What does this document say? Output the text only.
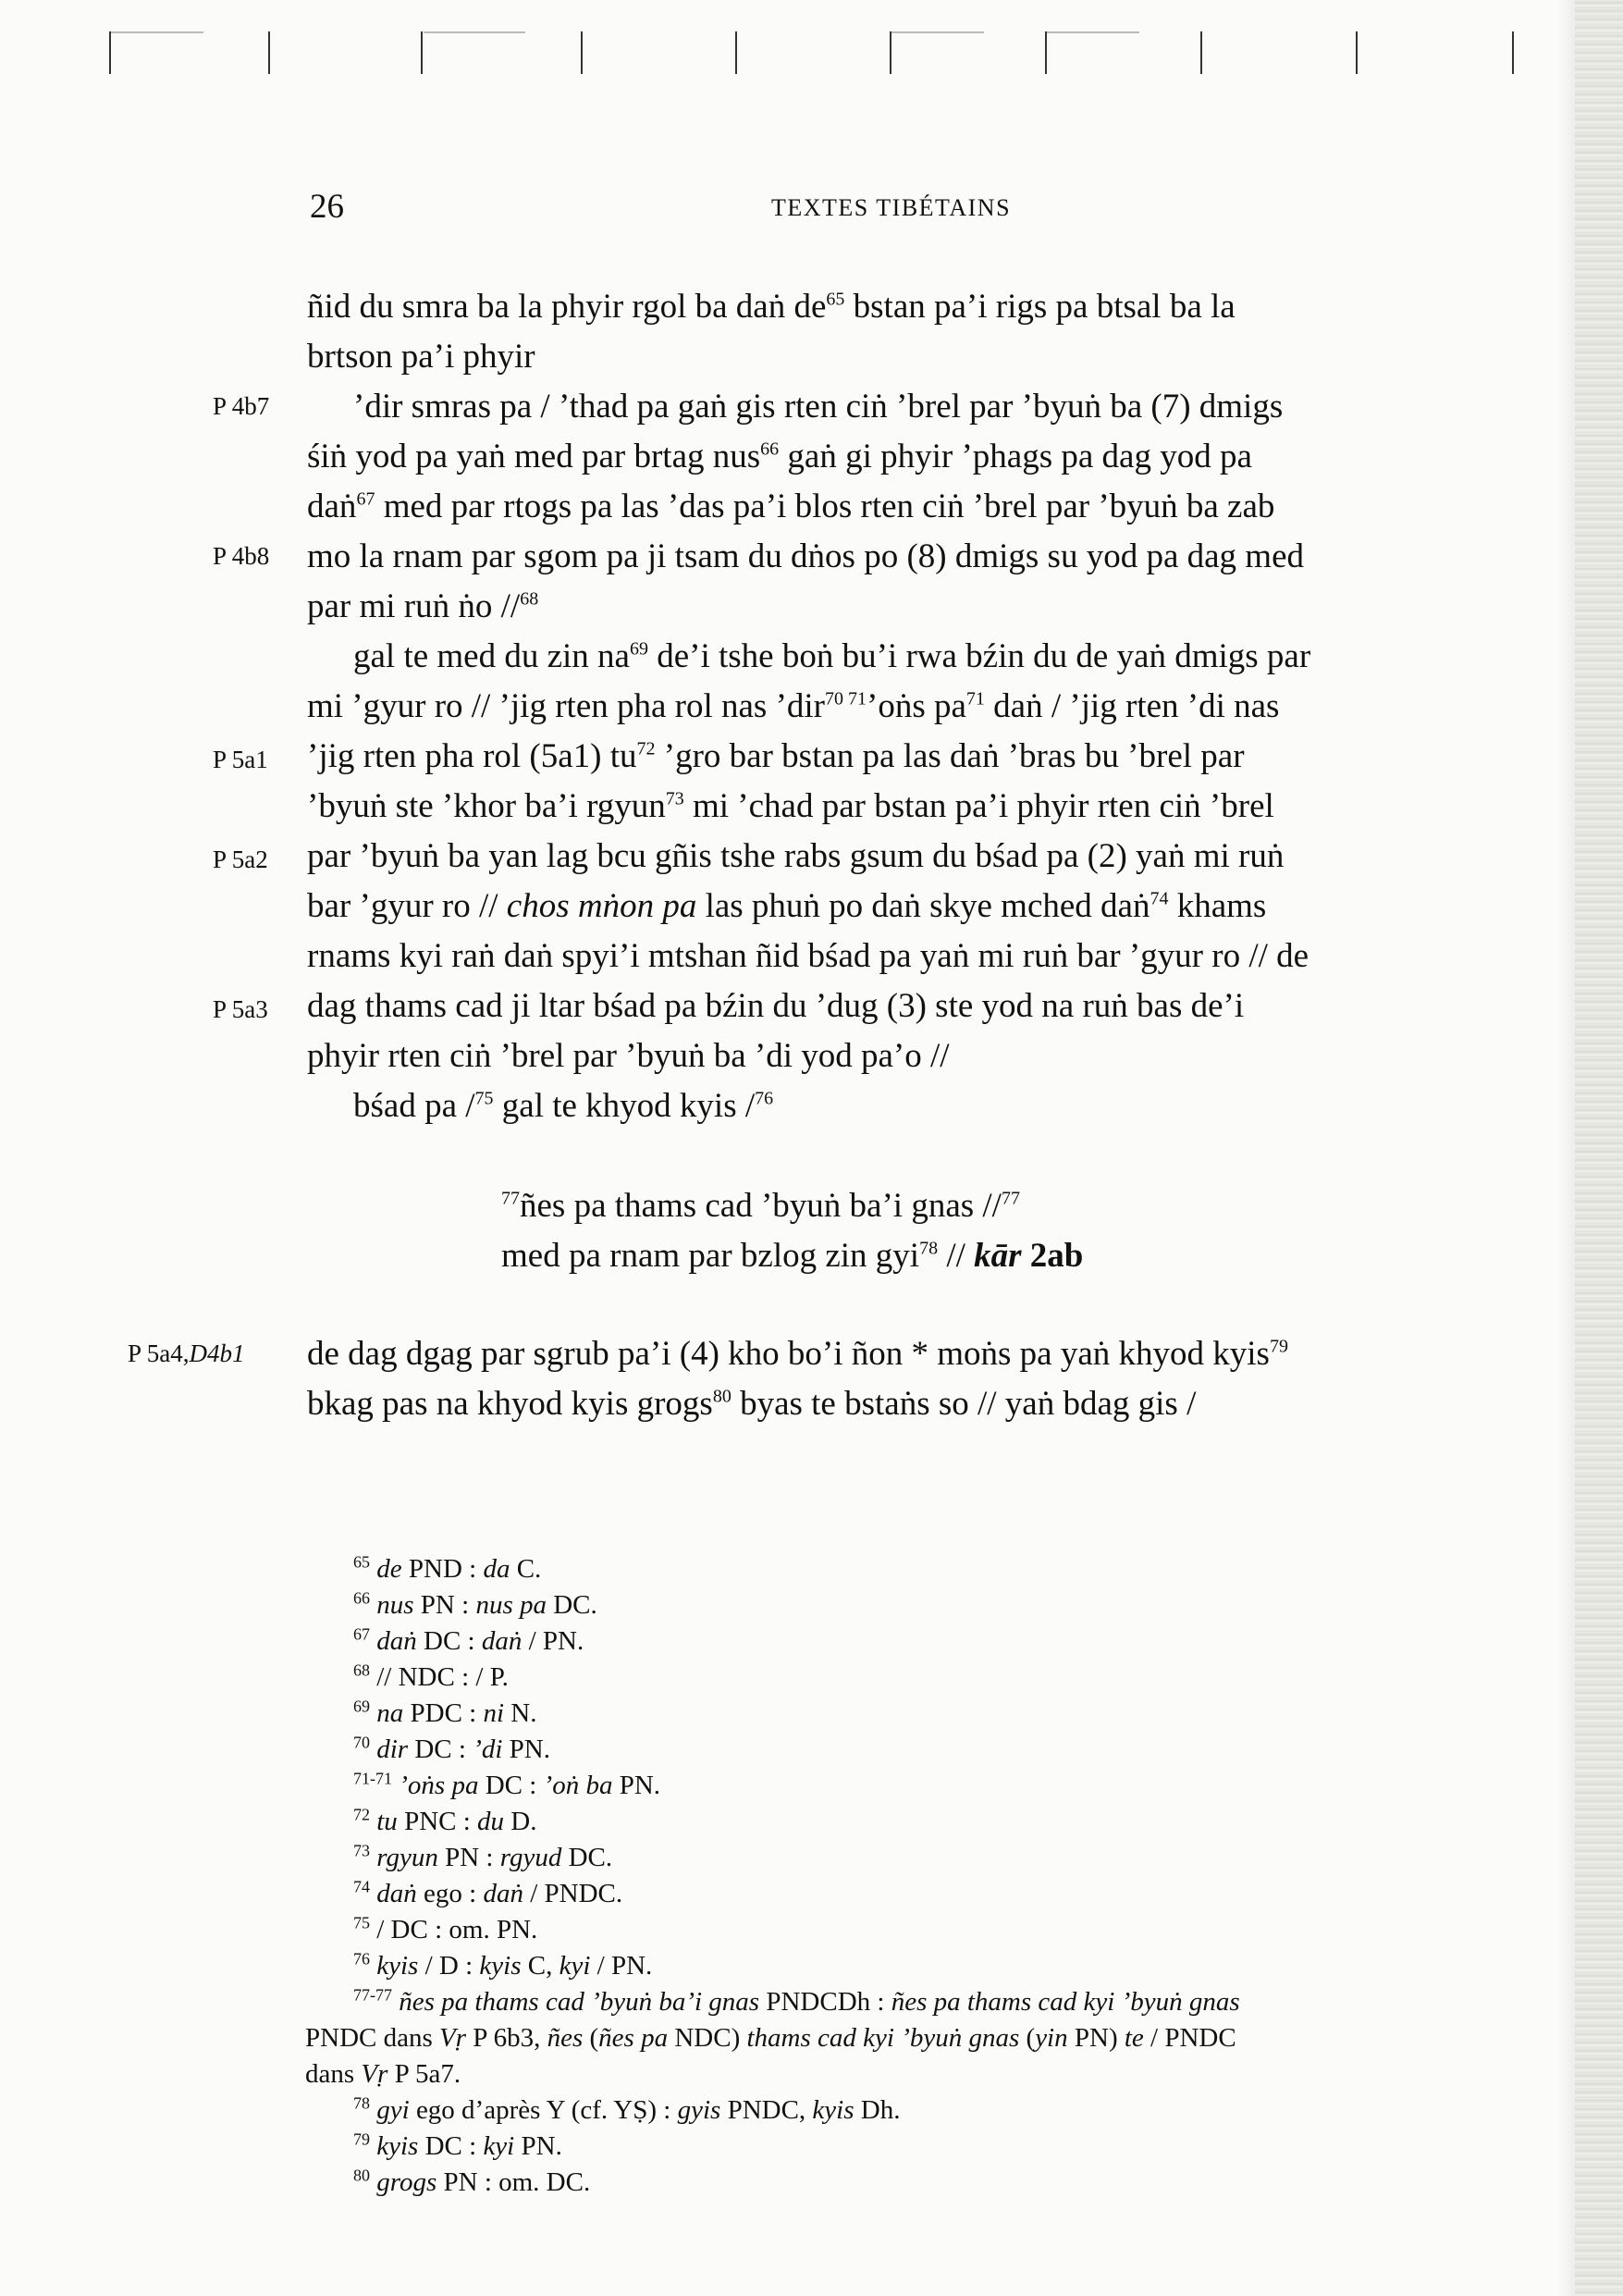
26	TEXTES TIBÉTAINS
P 4b7
P 4b8
P 5a1
P 5a2
P 5a3
P 5a4,D4b1
ñid du smra ba la phyir rgol ba daṅ $de^{65}$ bstan pa’i rigs pa btsal ba la
brtson pa’i phyir
’dir smras pa / ’thad pa gaṅ gis rten ciṅ ’brel par ’byuṅ ba (7) dmigs
śiṅ yod pa yaṅ med par brtag nus$^{66}$ gaṅ gi phyir ’phags pa dag yod pa
daṅ$^{67}$ med par rtogs pa las ’das pa’i blos rten ciṅ ’brel par ’byuṅ ba zab
mo la rnam par sgom pa ji tsam du dṅos po (8) dmigs su yod pa dag med
par mi ruṅ ṅo //$^{68}$
gal te med du zin $na^{69}$ de’i tshe boṅ bu’i rwa bźin du de yaṅ dmigs par
mi ’gyur ro // ’jig rten pha rol nas ’dir$^{70}$ $^{71}$’oṅs $pa^{71}$ daṅ / ’jig rten ’di nas
’jig rten pha rol (5a1) $tu^{72}$ ’gro bar bstan pa las daṅ ’bras bu ’brel par
’byuṅ ste ’khor ba’i rgyun$^{73}$ mi ’chad par bstan pa’i phyir rten ciṅ ’brel
par ’byuṅ ba yan lag bcu gñis tshe rabs gsum du bśad pa (2) yaṅ mi ruṅ
bar ’gyur ro // chos mṅon pa las phuṅ po daṅ skye mched daṅ$^{74}$ khams
rnams kyi raṅ daṅ spyi’i mtshan ñid bśad pa yaṅ mi ruṅ bar ’gyur ro // de
dag thams cad ji ltar bśad pa bźin du ’dug (3) ste yod na ruṅ bas de’i
phyir rten ciṅ ’brel par ’byuṅ ba ’di yod pa’o //
bśad pa /$^{75}$ gal te khyod kyis /$^{76}$
$^{77}$ñes pa thams cad ’byuṅ ba’i gnas //$^{77}$
med pa rnam par bzlog zin gyi$^{78}$ // kār 2ab
de dag dgag par sgrub pa’i (4) kho bo’i ñon * moṅs pa yaṅ khyod kyis$^{79}$
bkag pas na khyod kyis grogs$^{80}$ byas te bstaṅs so // yaṅ bdag gis /
$^{65}$ de PND : da C.
$^{66}$ nus PN : nus pa DC.
$^{67}$ daṅ DC : daṅ / PN.
$^{68}$ // NDC : / P.
$^{69}$ na PDC : ni N.
$^{70}$ dir DC : ’di PN.
$^{71-71}$ ’oṅs pa DC : ’oṅ ba PN.
$^{72}$ tu PNC : du D.
$^{73}$ rgyun PN : rgyud DC.
$^{74}$ daṅ ego : daṅ / PNDC.
$^{75}$ / DC : om. PN.
$^{76}$ kyis / D : kyis C, kyi / PN.
$^{77-77}$ ñes pa thams cad ’byuṅ ba’i gnas PNDCDh : ñes pa thams cad kyi ’byuṅ gnas
PNDC dans Vṛ P 6b3, ñes (ñes pa NDC) thams cad kyi ’byuṅ gnas (yin PN) te / PNDC
dans Vṛ P 5a7.
$^{78}$ gyi ego d’après Y (cf. YṢ) : gyis PNDC, kyis Dh.
$^{79}$ kyis DC : kyi PN.
$^{80}$ grogs PN : om. DC.
